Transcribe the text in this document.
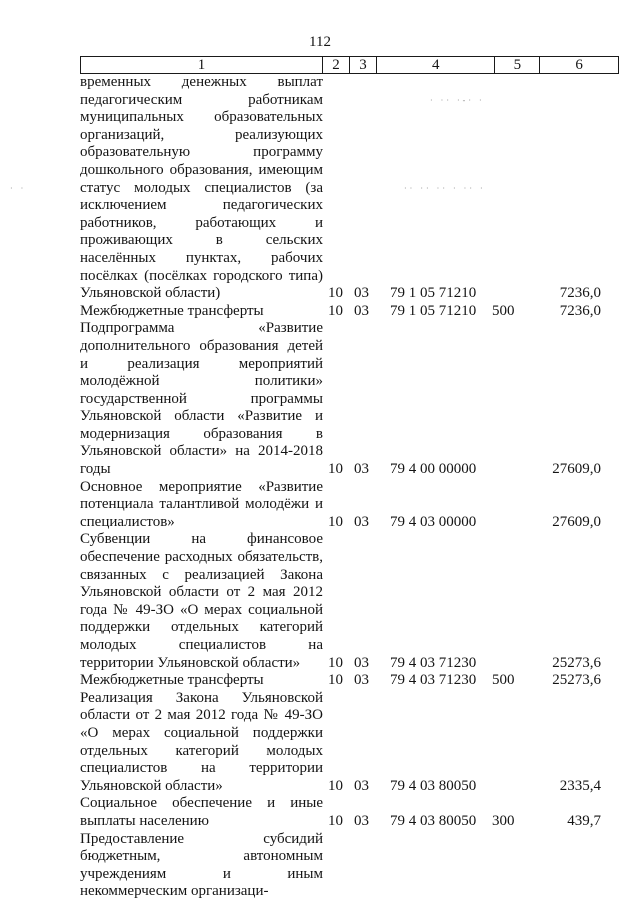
112
1	2	3	4	5	6
временных денежных выплат педагогическим работникам муниципальных образовательных организаций, реализующих образовательную программу дошкольного образования, имеющим статус молодых специалистов (за исключением педагогических работников, работающих и проживающих в сельских населённых пунктах, рабочих посёлках (посёлках городского типа) Ульяновской области)	10 03 79 1 05 71210	7236,0
Межбюджетные трансферты	10 03 79 1 05 71210 500	7236,0
Подпрограмма «Развитие дополнительного образования детей и реализация мероприятий молодёжной политики» государственной программы Ульяновской области «Развитие и модернизация образования в Ульяновской области» на 2014-2018 годы	10 03 79 4 00 00000	27609,0
Основное мероприятие «Развитие потенциала талантливой молодёжи и специалистов»	10 03 79 4 03 00000	27609,0
Субвенции на финансовое обеспечение расходных обязательств, связанных с реализацией Закона Ульяновской области от 2 мая 2012 года № 49-ЗО «О мерах социальной поддержки отдельных категорий молодых специалистов на территории Ульяновской области»	10 03 79 4 03 71230	25273,6
Межбюджетные трансферты	10 03 79 4 03 71230 500	25273,6
Реализация Закона Ульяновской области от 2 мая 2012 года № 49-ЗО «О мерах социальной поддержки отдельных категорий молодых специалистов на территории Ульяновской области»	10 03 79 4 03 80050	2335,4
Социальное обеспечение и иные выплаты населению	10 03 79 4 03 80050 300	439,7
Предоставление субсидий бюджетным, автономным учреждениям и иным некоммерческим организаци-
· ·· ·-· ·
·· ·· ·· · ·· ·
· ·
